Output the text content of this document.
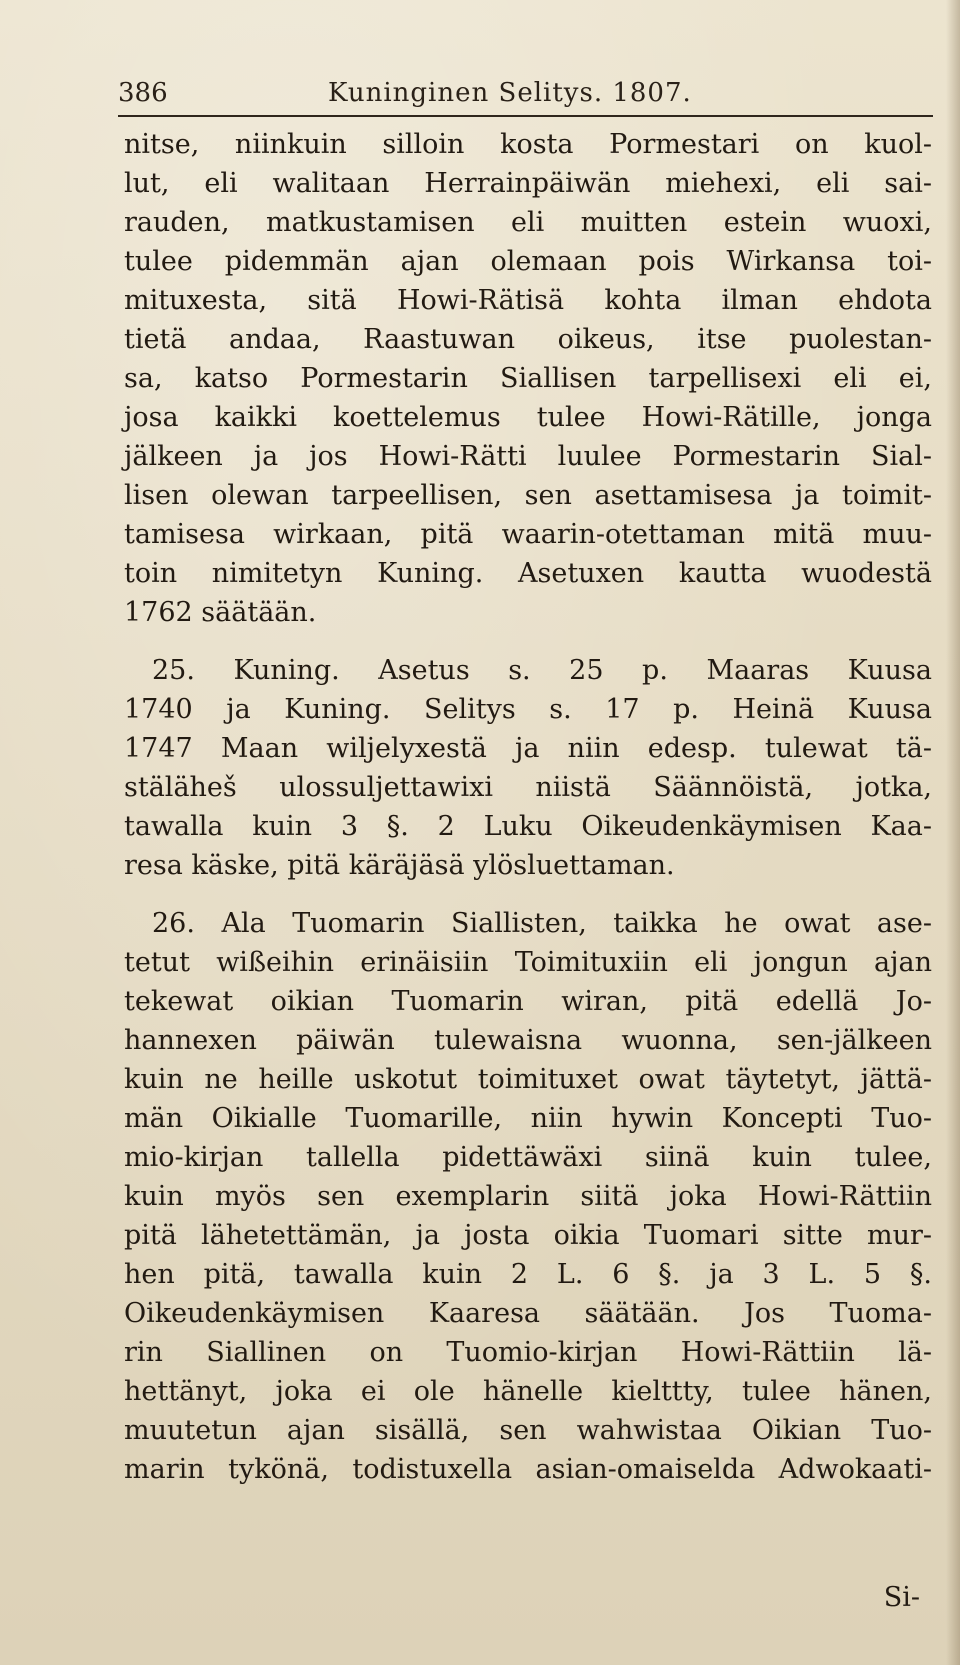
386	Kuninginen Selitys. 1807.
nitse, niinkuin silloin kosta Pormestari on kuol‑
lut, eli walitaan Herrainpäiwän miehexi, eli sai‑
rauden, matkustamisen eli muitten estein wuoxi,
tulee pidemmän ajan olemaan pois Wirkansa toi‑
mituxesta, sitä Howi‑Rätisä kohta ilman ehdota
tietä andaa, Raastuwan oikeus, itse puolestan‑
sa, katso Pormestarin Siallisen tarpellisexi eli ei,
josa kaikki koettelemus tulee Howi‑Rätille, jonga
jälkeen ja jos Howi‑Rätti luulee Pormestarin Sial‑
lisen olewan tarpeellisen, sen asettamisesa ja toimit‑
tamisesa wirkaan, pitä waarin‑otettaman mitä muu‑
toin nimitetyn Kuning. Asetuxen kautta wuodestä
1762 säätään.
25. Kuning. Asetus s. 25 p. Maaras Kuusa
1740 ja Kuning. Selitys s. 17 p. Heinä Kuusa
1747 Maan wiljelyxestä ja niin edesp. tulewat tä‑
stäläheš ulossuljettawixi niistä Säännöistä, jotka,
tawalla kuin 3 §. 2 Luku Oikeudenkäymisen Kaa‑
resa käske, pitä käräjäsä ylösluettaman.
26. Ala Tuomarin Siallisten, taikka he owat ase‑
tetut wißeihin erinäisiin Toimituxiin eli jongun ajan
tekewat oikian Tuomarin wiran, pitä edellä Jo‑
hannexen päiwän tulewaisna wuonna, sen‑jälkeen
kuin ne heille uskotut toimituxet owat täytetyt, jättä‑
män Oikialle Tuomarille, niin hywin Koncepti Tuo‑
mio‑kirjan tallella pidettäwäxi siinä kuin tulee,
kuin myös sen exemplarin siitä joka Howi‑Rättiin
pitä lähetettämän, ja josta oikia Tuomari sitte mur‑
hen pitä, tawalla kuin 2 L. 6 §. ja 3 L. 5 §.
Oikeudenkäymisen Kaaresa säätään. Jos Tuoma‑
rin Siallinen on Tuomio‑kirjan Howi‑Rättiin lä‑
hettänyt, joka ei ole hänelle kielttty, tulee hänen,
muutetun ajan sisällä, sen wahwistaa Oikian Tuo‑
marin tykönä, todistuxella asian‑omaiselda Adwokaati‑
Si‑
